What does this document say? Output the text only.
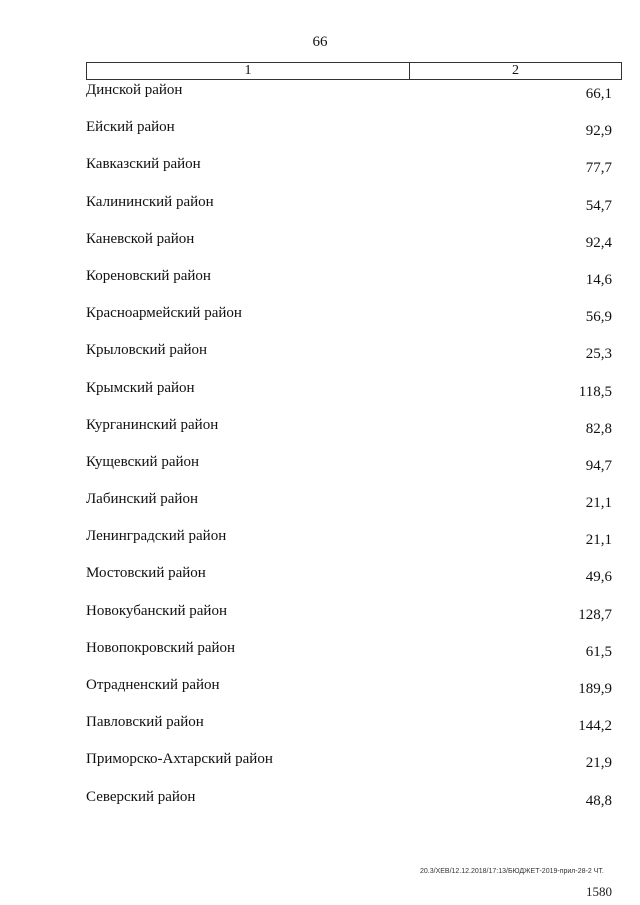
66
1	2
Динской район	66,1
Ейский район	92,9
Кавказский район	77,7
Калининский район	54,7
Каневской район	92,4
Кореновский район	14,6
Красноармейский район	56,9
Крыловский район	25,3
Крымский район	118,5
Курганинский район	82,8
Кущевский район	94,7
Лабинский район	21,1
Ленинградский район	21,1
Мостовский район	49,6
Новокубанский район	128,7
Новопокровский район	61,5
Отрадненский район	189,9
Павловский район	144,2
Приморско-Ахтарский район	21,9
Северский район	48,8
20.3/XEB/12.12.2018/17:13/БЮДЖЕТ-2019-прил-28-2 ЧТ.
1580
